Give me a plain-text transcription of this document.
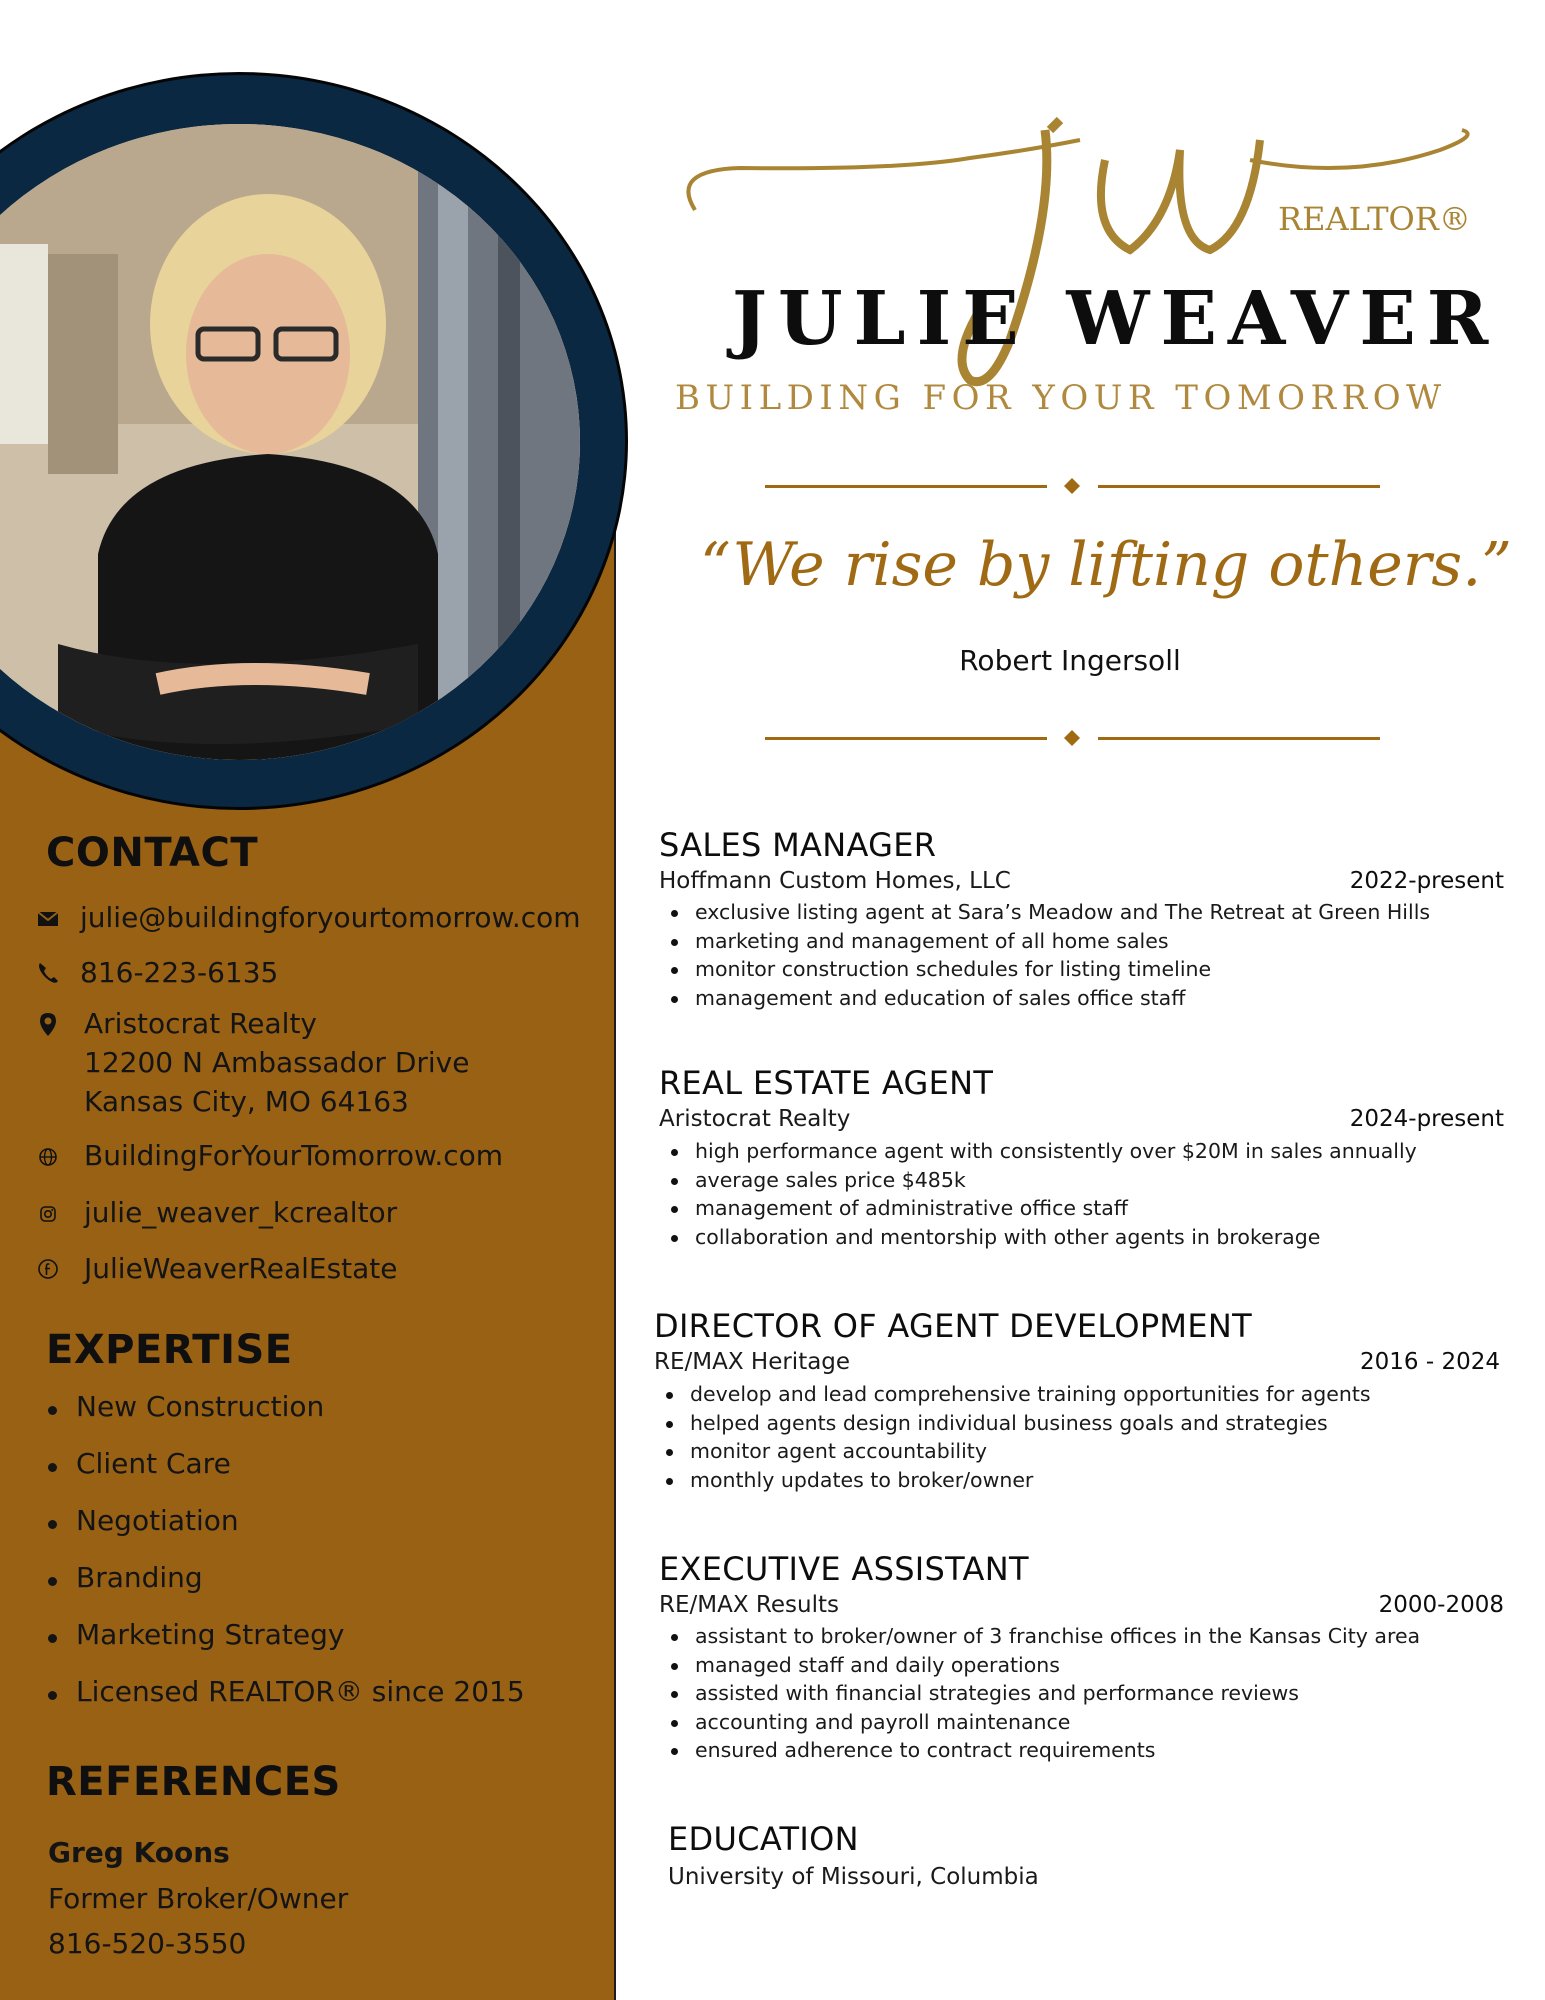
REALTOR®
JULIE WEAVER
BUILDING FOR YOUR TOMORROW
“We rise by lifting others.”
Robert Ingersoll
CONTACT
julie@buildingforyourtomorrow.com
816-223-6135
Aristocrat Realty
12200 N Ambassador Drive
Kansas City, MO 64163
BuildingForYourTomorrow.com
julie_weaver_kcrealtor
JulieWeaverRealEstate
EXPERTISE
New Construction
Client Care
Negotiation
Branding
Marketing Strategy
Licensed REALTOR® since 2015
REFERENCES
Greg Koons
Former Broker/Owner
816-520-3550
SALES MANAGER
Hoffmann Custom Homes, LLC	2022-present
exclusive listing agent at Sara’s Meadow and The Retreat at Green Hills
marketing and management of all home sales
monitor construction schedules for listing timeline
management and education of sales office staff
REAL ESTATE AGENT
Aristocrat Realty	2024-present
high performance agent with consistently over $20M in sales annually
average sales price $485k
management of administrative office staff
collaboration and mentorship with other agents in brokerage
DIRECTOR OF AGENT DEVELOPMENT
RE/MAX Heritage	2016 - 2024
develop and lead comprehensive training opportunities for agents
helped agents design individual business goals and strategies
monitor agent accountability
monthly updates to broker/owner
EXECUTIVE ASSISTANT
RE/MAX Results	2000-2008
assistant to broker/owner of 3 franchise offices in the Kansas City area
managed staff and daily operations
assisted with financial strategies and performance reviews
accounting and payroll maintenance
ensured adherence to contract requirements
EDUCATION
University of Missouri, Columbia
